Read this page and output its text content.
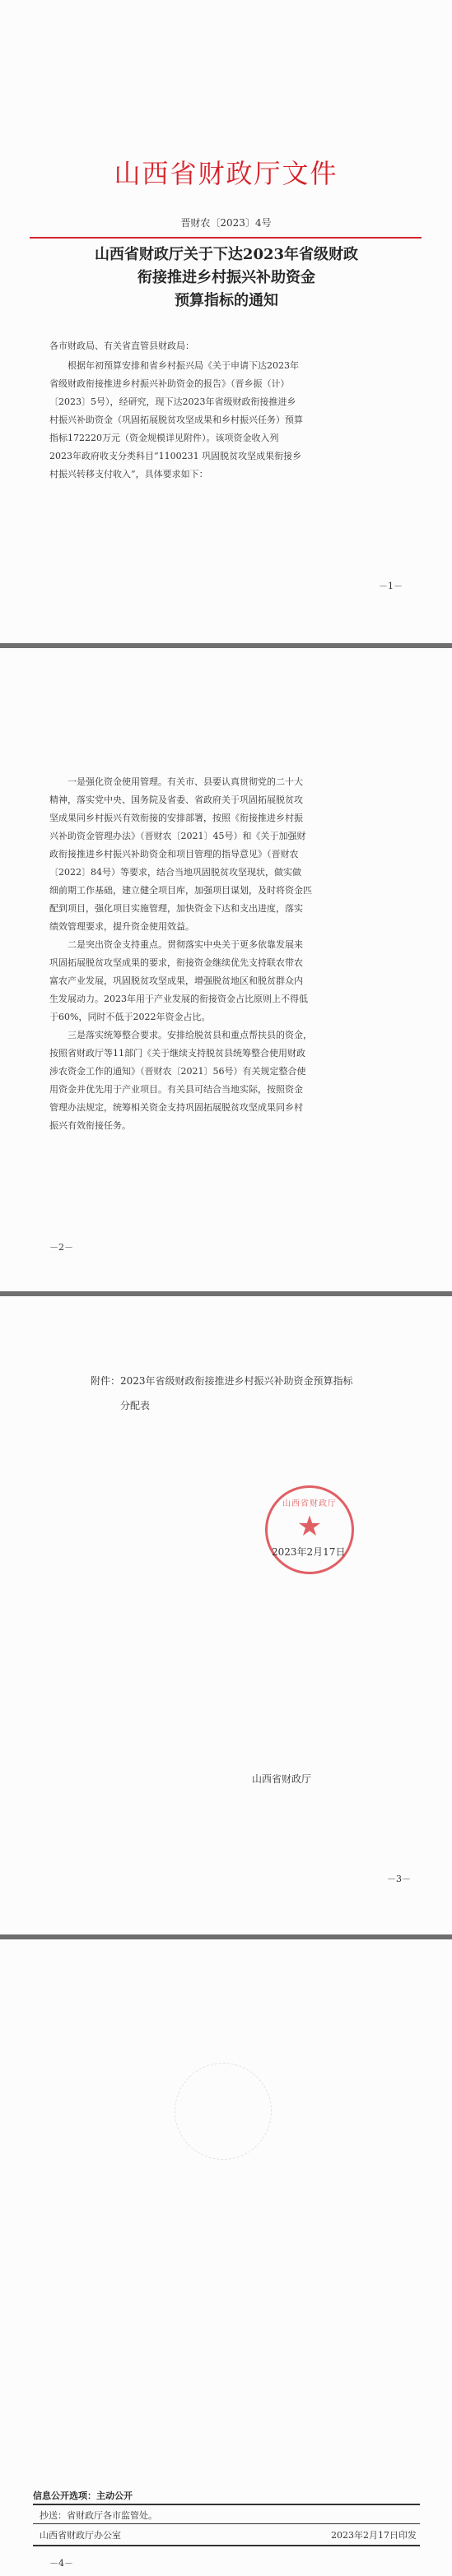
山西省财政厅文件
晋财农〔2023〕4号
山西省财政厅关于下达2023年省级财政
衔接推进乡村振兴补助资金
预算指标的通知
各市财政局、有关省直管县财政局：
根据年初预算安排和省乡村振兴局《关于申请下达2023年
省级财政衔接推进乡村振兴补助资金的报告》（晋乡振（计）
〔2023〕5号），经研究，现下达2023年省级财政衔接推进乡
村振兴补助资金（巩固拓展脱贫攻坚成果和乡村振兴任务）预算
指标172220万元（资金规模详见附件）。该项资金收入列
2023年政府收支分类科目“1100231 巩固脱贫攻坚成果衔接乡
村振兴转移支付收入”，具体要求如下：
－1－
一是强化资金使用管理。有关市、县要认真贯彻党的二十大
精神，落实党中央、国务院及省委、省政府关于巩固拓展脱贫攻
坚成果同乡村振兴有效衔接的安排部署，按照《衔接推进乡村振
兴补助资金管理办法》（晋财农〔2021〕45号）和《关于加强财
政衔接推进乡村振兴补助资金和项目管理的指导意见》（晋财农
〔2022〕84号）等要求，结合当地巩固脱贫攻坚现状，做实做
细前期工作基础，建立健全项目库，加强项目谋划，及时将资金匹
配到项目，强化项目实施管理，加快资金下达和支出进度，落实
绩效管理要求，提升资金使用效益。
二是突出资金支持重点。贯彻落实中央关于更多依靠发展来
巩固拓展脱贫攻坚成果的要求，衔接资金继续优先支持联农带农
富农产业发展，巩固脱贫攻坚成果，增强脱贫地区和脱贫群众内
生发展动力。2023年用于产业发展的衔接资金占比原则上不得低
于60%，同时不低于2022年资金占比。
三是落实统筹整合要求。安排给脱贫县和重点帮扶县的资金，
按照省财政厅等11部门《关于继续支持脱贫县统筹整合使用财政
涉农资金工作的通知》（晋财农〔2021〕56号）有关规定整合使
用资金并优先用于产业项目。有关县可结合当地实际，按照资金
管理办法规定，统筹相关资金支持巩固拓展脱贫攻坚成果同乡村
振兴有效衔接任务。
－2－
附件：2023年省级财政衔接推进乡村振兴补助资金预算指标
分配表
山西省财政厅
★
2023年2月17日
山西省财政厅
－3－
信息公开选项：主动公开
抄送：省财政厅各市监管处。
山西省财政厅办公室	2023年2月17日印发
－4－
